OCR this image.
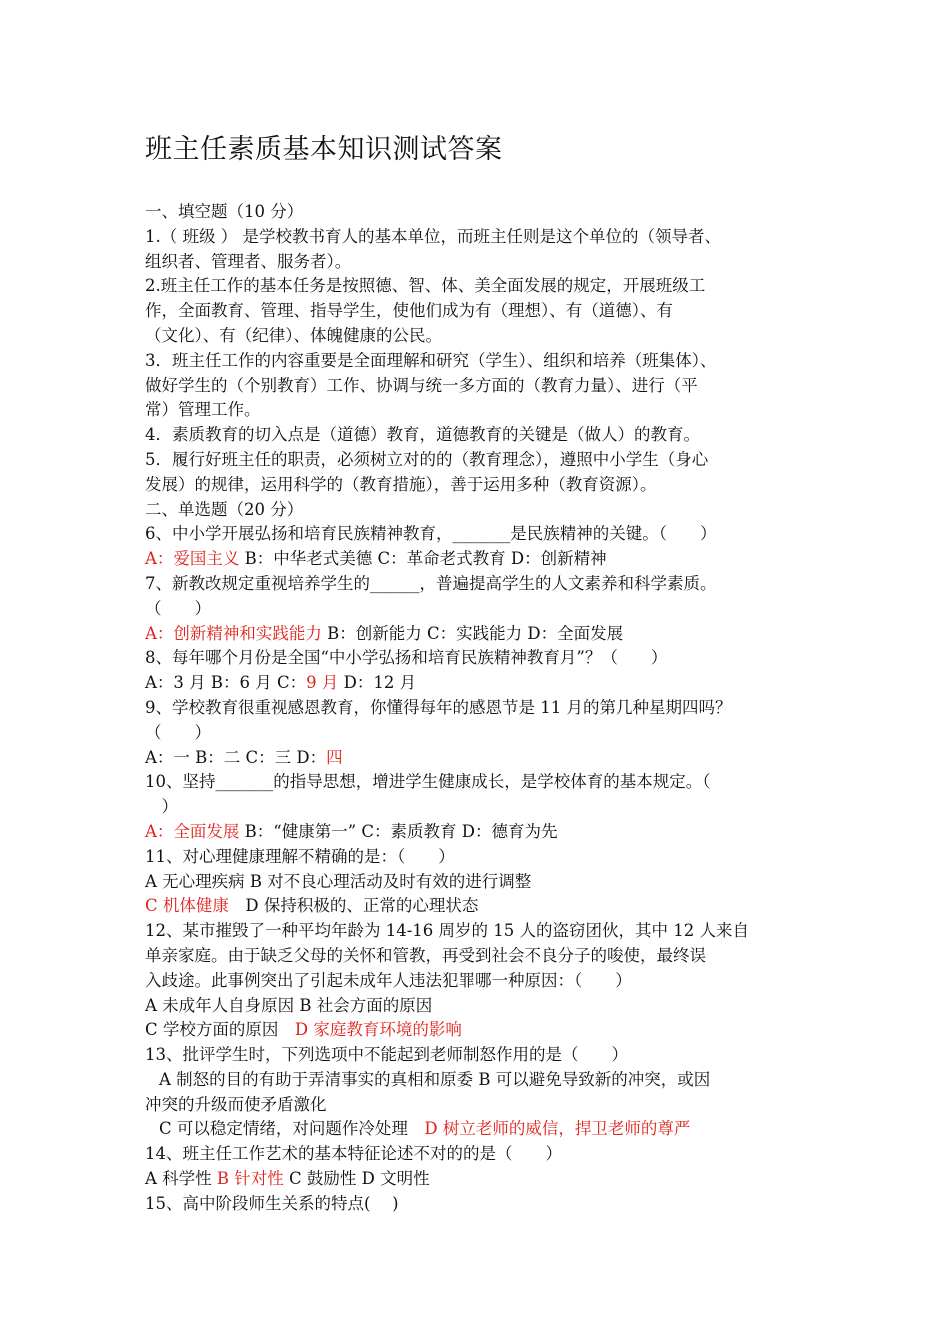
班主任素质基本知识测试答案
一、填空题（10 分）
1.（ 班级 ） 是学校教书育人的基本单位，而班主任则是这个单位的（领导者、
组织者、管理者、服务者）。
2.班主任工作的基本任务是按照德、智、体、美全面发展的规定，开展班级工
作，全面教育、管理、指导学生，使他们成为有（理想）、有（道德）、有
（文化）、有（纪律）、体魄健康的公民。
3．班主任工作的内容重要是全面理解和研究（学生）、组织和培养（班集体）、
做好学生的（个别教育）工作、协调与统一多方面的（教育力量）、进行（平
常）管理工作。
4．素质教育的切入点是（道德）教育，道德教育的关键是（做人）的教育。
5．履行好班主任的职责，必须树立对的的（教育理念），遵照中小学生（身心
发展）的规律，运用科学的（教育措施），善于运用多种（教育资源）。
二、单选题（20 分）
6、中小学开展弘扬和培育民族精神教育，_______是民族精神的关键。（　　）
A：爱国主义 B：中华老式美德 C：革命老式教育 D：创新精神
7、新教改规定重视培养学生的______，普遍提高学生的人文素养和科学素质。
（　　）
A：创新精神和实践能力 B：创新能力 C：实践能力 D：全面发展
8、每年哪个月份是全国“中小学弘扬和培育民族精神教育月”？（　　）
A：3 月 B：6 月 C：9 月 D：12 月
9、学校教育很重视感恩教育，你懂得每年的感恩节是 11 月的第几种星期四吗？
（　　）
A：一 B：二 C：三 D：四
10、坚持_______的指导思想，增进学生健康成长，是学校体育的基本规定。（
　）
A：全面发展 B：“健康第一” C：素质教育 D：德育为先
11、对心理健康理解不精确的是：（　　）
A 无心理疾病 B 对不良心理活动及时有效的进行调整
C 机体健康　D 保持积极的、正常的心理状态
12、某市摧毁了一种平均年龄为 14-16 周岁的 15 人的盗窃团伙，其中 12 人来自
单亲家庭。由于缺乏父母的关怀和管教，再受到社会不良分子的唆使，最终误
入歧途。此事例突出了引起未成年人违法犯罪哪一种原因：（　　）
A 未成年人自身原因 B 社会方面的原因
C 学校方面的原因　D 家庭教育环境的影响
13、批评学生时，下列选项中不能起到老师制怒作用的是（　　）
A 制怒的目的有助于弄清事实的真相和原委 B 可以避免导致新的冲突，或因
冲突的升级而使矛盾激化
C 可以稳定情绪，对问题作冷处理　D 树立老师的威信，捍卫老师的尊严
14、班主任工作艺术的基本特征论述不对的的是（　　）
A 科学性 B 针对性 C 鼓励性 D 文明性
15、高中阶段师生关系的特点(　 )
